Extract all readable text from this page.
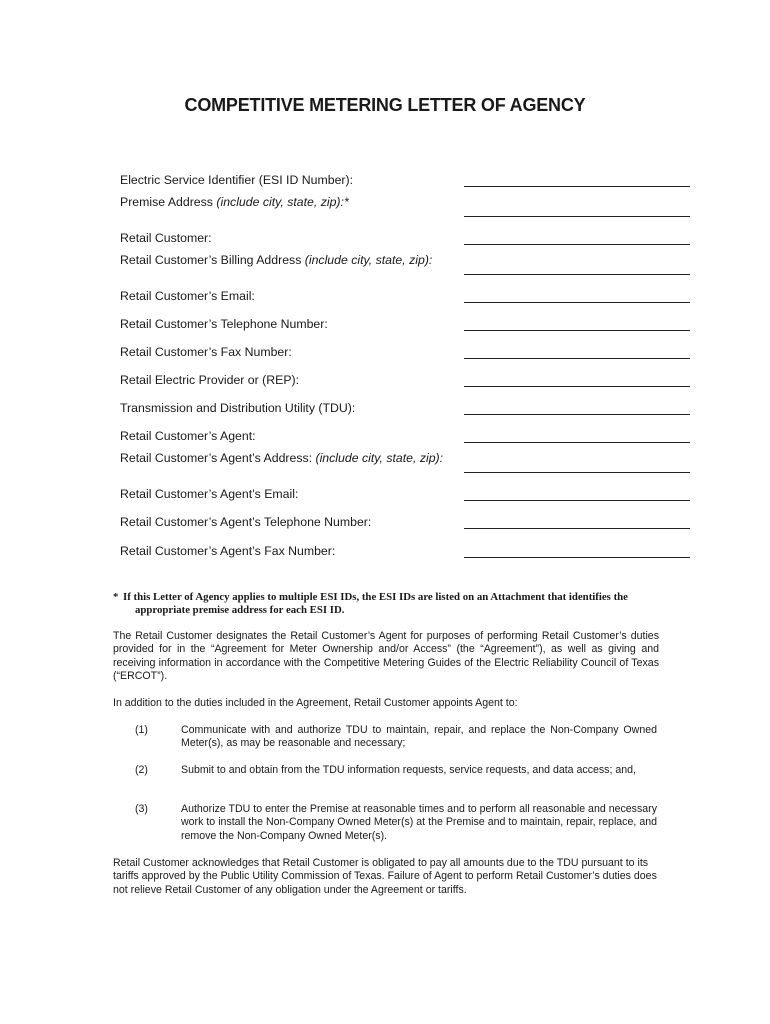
COMPETITIVE METERING LETTER OF AGENCY
Electric Service Identifier (ESI ID Number):
Premise Address (include city, state, zip):*
Retail Customer:
Retail Customer’s Billing Address (include city, state, zip):
Retail Customer’s Email:
Retail Customer’s Telephone Number:
Retail Customer’s Fax Number:
Retail Electric Provider or (REP):
Transmission and Distribution Utility (TDU):
Retail Customer’s Agent:
Retail Customer’s Agent’s Address: (include city, state, zip):
Retail Customer’s Agent’s Email:
Retail Customer’s Agent’s Telephone Number:
Retail Customer’s Agent’s Fax Number:
* If this Letter of Agency applies to multiple ESI IDs, the ESI IDs are listed on an Attachment that identifies the
appropriate premise address for each ESI ID.
The Retail Customer designates the Retail Customer’s Agent for purposes of performing Retail Customer’s duties provided for in the “Agreement for Meter Ownership and/or Access” (the “Agreement”), as well as giving and receiving information in accordance with the Competitive Metering Guides of the Electric Reliability Council of Texas (“ERCOT”).
In addition to the duties included in the Agreement, Retail Customer appoints Agent to:
(1)	Communicate with and authorize TDU to maintain, repair, and replace the Non-Company Owned Meter(s), as may be reasonable and necessary;
(2)	Submit to and obtain from the TDU information requests, service requests, and data access; and,
(3)	Authorize TDU to enter the Premise at reasonable times and to perform all reasonable and necessary work to install the Non-Company Owned Meter(s) at the Premise and to maintain, repair, replace, and remove the Non-Company Owned Meter(s).
Retail Customer acknowledges that Retail Customer is obligated to pay all amounts due to the TDU pursuant to its tariffs approved by the Public Utility Commission of Texas. Failure of Agent to perform Retail Customer’s duties does not relieve Retail Customer of any obligation under the Agreement or tariffs.
